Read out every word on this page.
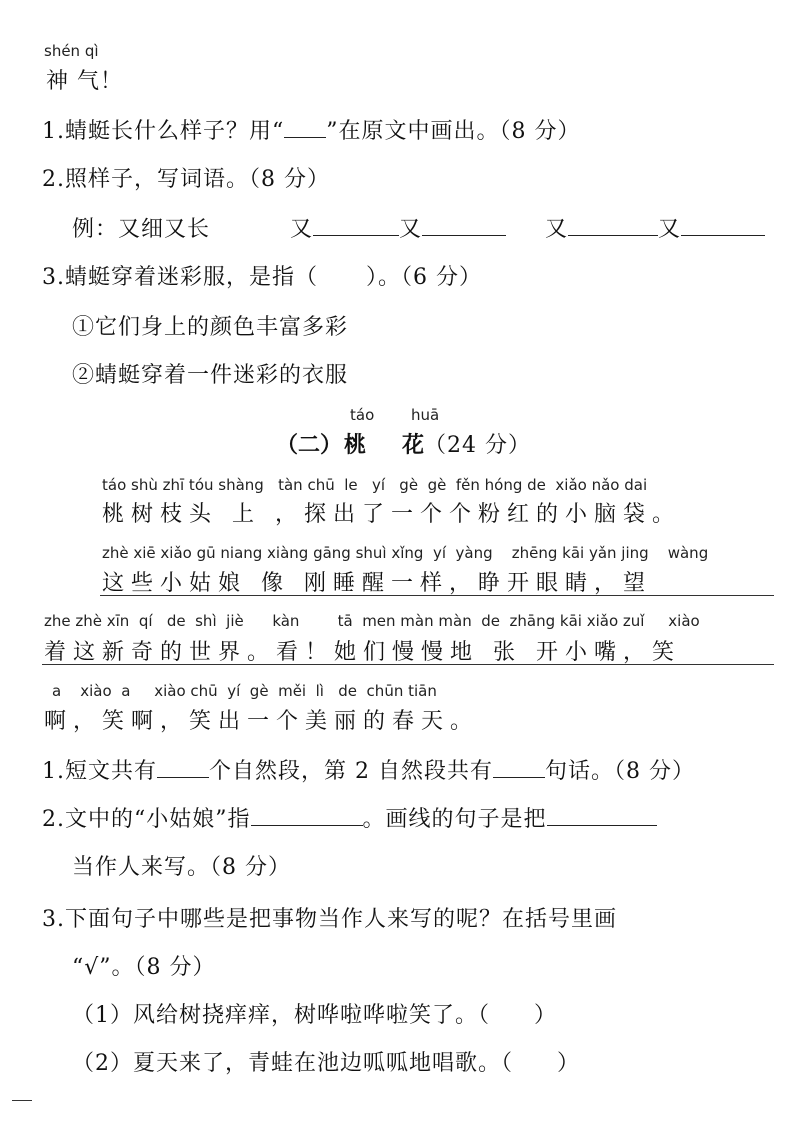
shén qì
神 气！
1.蜻蜓长什么样子？用“ ”在原文中画出。（8 分）
2.照样子，写词语。（8 分）
例：又细又长	又	又	又	又
3.蜻蜓穿着迷彩服，是指（ ）。（6 分）
①它们身上的颜色丰富多彩
②蜻蜓穿着一件迷彩的衣服
táo huā
（二）桃 花（24 分）
táo shù zhī tóu shàng   tàn chū  le   yí   gè  gè  fěn hóng de  xiǎo nǎo dai
桃树枝头 上 ，探出了一个个粉红的小脑袋。
zhè xiē xiǎo gū niang xiàng gāng shuì xǐng  yí  yàng    zhēng kāi yǎn jing    wàng
这些小姑娘 像 刚睡醒一样，睁开眼睛，望
zhe zhè xīn  qí   de  shì  jiè      kàn        tā  men màn màn  de  zhāng kāi xiǎo zuǐ     xiào
着这新奇的世界。看！她们慢慢地 张 开小嘴，笑
a    xiào  a     xiào chū  yí  gè  měi  lì   de  chūn tiān
啊，笑啊，笑出一个美丽的春天。
1.短文共有 个自然段，第 2 自然段共有 句话。（8 分）
2.文中的“小姑娘”指	。画线的句子是把
当作人来写。（8 分）
3.下面句子中哪些是把事物当作人来写的呢？在括号里画
“√”。（8 分）
（1）风给树挠痒痒，树哗啦哗啦笑了。（ ）
（2）夏天来了，青蛙在池边呱呱地唱歌。（ ）
